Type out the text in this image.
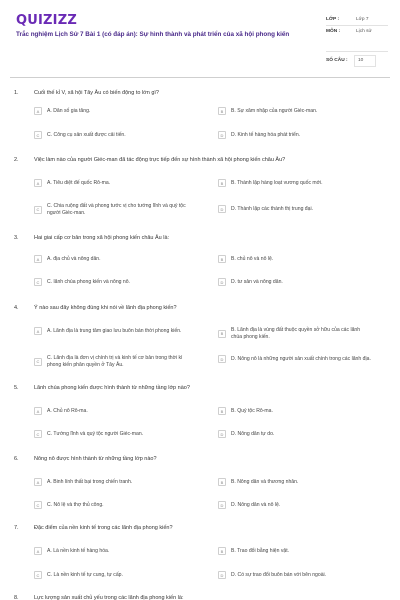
QUIZIZZ
Trắc nghiệm Lịch Sử 7 Bài 1 (có đáp án): Sự hình thành và phát triển của xã hội phong kiến
LỚP :	Lớp 7
MÔN :	Lịch sử
SỐ CÂU :	10
1.	Cuối thế kỉ V, xã hội Tây Âu có biến động to lớn gì?
A	A. Dân số gia tăng.	B	B. Sự xâm nhập của người Giéc-man.
C	C. Công cụ sản xuất được cải tiến.	D	D. Kinh tế hàng hóa phát triển.
2.	Việc làm nào của người Giéc-man đã tác động trực tiếp đến sự hình thành xã hội phong kiến châu Âu?
A	A. Tiêu diệt đế quốc Rô-ma.	B	B. Thành lập hàng loạt vương quốc mới.
C
C. Chia ruộng đất và phong tước vị cho tướng lĩnh và quý tộc người Giéc-man.
D	D. Thành lập các thành thị trung đại.
3.	Hai giai cấp cơ bản trong xã hội phong kiến châu Âu là:
A	A. địa chủ và nông dân.	B	B. chủ nô và nô lệ.
C	C. lãnh chúa phong kiến và nông nô.	D	D. tư sản và nông dân.
4.	Ý nào sau đây không đúng khi nói về lãnh địa phong kiến?
A	A. Lãnh địa là trung tâm giao lưu buôn bán thời phong kiến.	B
B. Lãnh địa là vùng đất thuộc quyền sở hữu của các lãnh chúa phong kiến.
C
C. Lãnh địa là đơn vị chính trị và kinh tế cơ bản trong thời kì phong kiến phân quyền ở Tây Âu.
D	D. Nông nô là những người sản xuất chính trong các lãnh địa.
5.	Lãnh chúa phong kiến được hình thành từ những tầng lớp nào?
A	A. Chủ nô Rô-ma.	B	B. Quý tộc Rô-ma.
C	C. Tướng lĩnh và quý tộc người Giéc-man.	D	D. Nông dân tự do.
6.	Nông nô được hình thành từ những tầng lớp nào?
A	A. Binh lính thất bại trong chiến tranh.	B	B. Nông dân và thương nhân.
C	C. Nô lệ và thợ thủ công.	D	D. Nông dân và nô lệ.
7.	Đặc điểm của nền kinh tế trong các lãnh địa phong kiến?
A	A. Là nền kinh tế hàng hóa.	B	B. Trao đổi bằng hiện vật.
C	C. Là nền kinh tế tự cung, tự cấp.	D	D. Có sự trao đổi buôn bán với bên ngoài.
8.	Lực lượng sản xuất chủ yếu trong các lãnh địa phong kiến là:
